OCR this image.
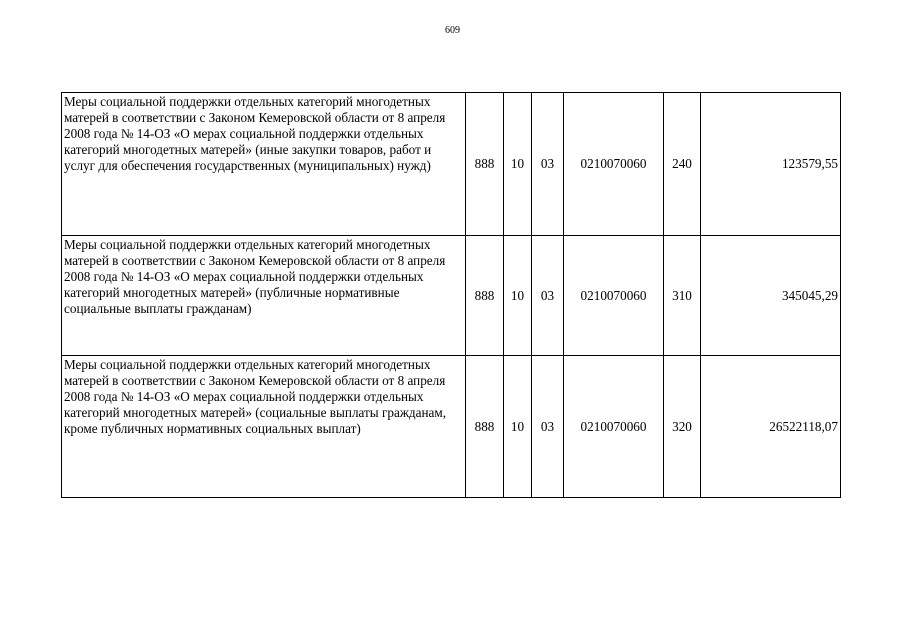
609
Меры социальной поддержки отдельных категорий многодетных матерей в соответствии с Законом Кемеровской области от 8 апреля 2008 года № 14-ОЗ «О мерах социальной поддержки отдельных категорий многодетных матерей» (иные закупки товаров, работ и услуг для обеспечения государственных (муниципальных) нужд)	888	10	03	0210070060	240	123579,55
Меры социальной поддержки отдельных категорий многодетных матерей в соответствии с Законом Кемеровской области от 8 апреля 2008 года № 14-ОЗ «О мерах социальной поддержки отдельных категорий многодетных матерей» (публичные нормативные социальные выплаты гражданам)	888	10	03	0210070060	310	345045,29
Меры социальной поддержки отдельных категорий многодетных матерей в соответствии с Законом Кемеровской области от 8 апреля 2008 года № 14-ОЗ «О мерах социальной поддержки отдельных категорий многодетных матерей» (социальные выплаты гражданам, кроме публичных нормативных социальных выплат)	888	10	03	0210070060	320	26522118,07
